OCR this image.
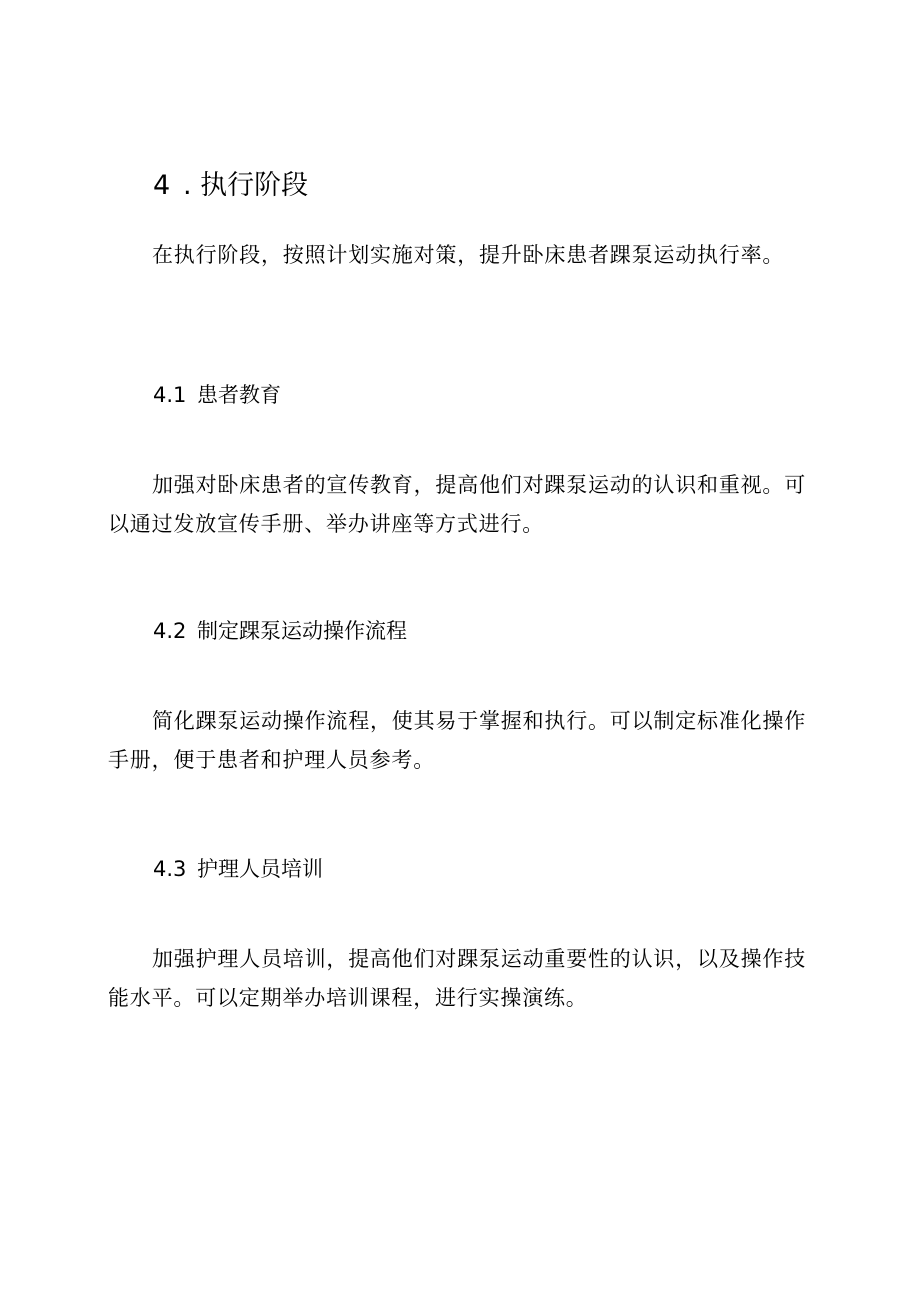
4 . 执行阶段

在执行阶段，按照计划实施对策，提升卧床患者踝泵运动执行率。

4.1 患者教育

加强对卧床患者的宣传教育，提高他们对踝泵运动的认识和重视。可以通过发放宣传手册、举办讲座等方式进行。

4.2 制定踝泵运动操作流程

简化踝泵运动操作流程，使其易于掌握和执行。可以制定标准化操作手册，便于患者和护理人员参考。

4.3 护理人员培训

加强护理人员培训，提高他们对踝泵运动重要性的认识，以及操作技能水平。可以定期举办培训课程，进行实操演练。
